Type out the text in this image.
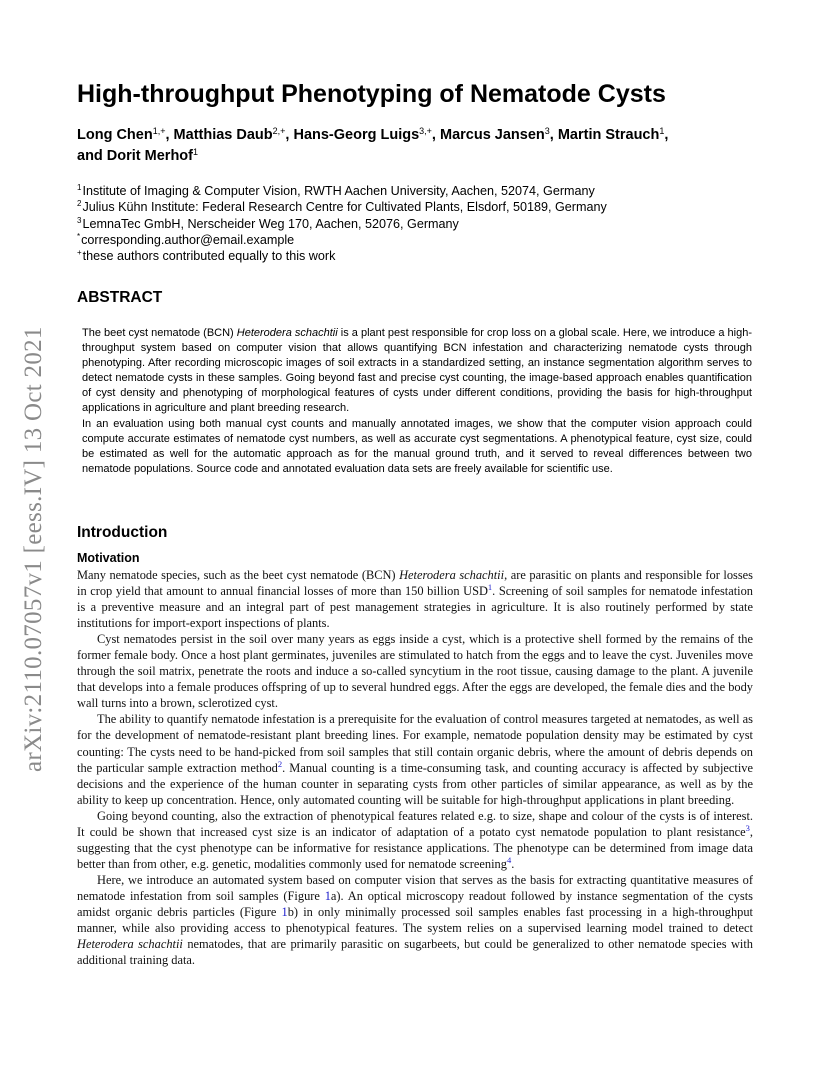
arXiv:2110.07057v1 [eess.IV] 13 Oct 2021
High-throughput Phenotyping of Nematode Cysts
Long Chen$^{1,+}$, Matthias Daub$^{2,+}$, Hans-Georg Luigs$^{3,+}$, Marcus Jansen$^3$, Martin Strauch$^1$,
and Dorit Merhof$^1$
$^1$Institute of Imaging & Computer Vision, RWTH Aachen University, Aachen, 52074, Germany
$^2$Julius Kühn Institute: Federal Research Centre for Cultivated Plants, Elsdorf, 50189, Germany
$^3$LemnaTec GmbH, Nerscheider Weg 170, Aachen, 52076, Germany
*corresponding.author@email.example
+these authors contributed equally to this work
ABSTRACT

The beet cyst nematode (BCN) Heterodera schachtii is a plant pest responsible for crop loss on a global scale. Here, we introduce a high-throughput system based on computer vision that allows quantifying BCN infestation and characterizing nematode cysts through phenotyping. After recording microscopic images of soil extracts in a standardized setting, an instance segmentation algorithm serves to detect nematode cysts in these samples. Going beyond fast and precise cyst counting, the image-based approach enables quantification of cyst density and phenotyping of morphological features of cysts under different conditions, providing the basis for high-throughput applications in agriculture and plant breeding research.

In an evaluation using both manual cyst counts and manually annotated images, we show that the computer vision approach could compute accurate estimates of nematode cyst numbers, as well as accurate cyst segmentations. A phenotypical feature, cyst size, could be estimated as well for the automatic approach as for the manual ground truth, and it served to reveal differences between two nematode populations. Source code and annotated evaluation data sets are freely available for scientific use.

Introduction
Motivation

Many nematode species, such as the beet cyst nematode (BCN) Heterodera schachtii, are parasitic on plants and responsible for losses in crop yield that amount to annual financial losses of more than 150 billion USD$^1$. Screening of soil samples for nematode infestation is a preventive measure and an integral part of pest management strategies in agriculture. It is also routinely performed by state institutions for import-export inspections of plants.

Cyst nematodes persist in the soil over many years as eggs inside a cyst, which is a protective shell formed by the remains of the former female body. Once a host plant germinates, juveniles are stimulated to hatch from the eggs and to leave the cyst. Juveniles move through the soil matrix, penetrate the roots and induce a so-called syncytium in the root tissue, causing damage to the plant. A juvenile that develops into a female produces offspring of up to several hundred eggs. After the eggs are developed, the female dies and the body wall turns into a brown, sclerotized cyst.

The ability to quantify nematode infestation is a prerequisite for the evaluation of control measures targeted at nematodes, as well as for the development of nematode-resistant plant breeding lines. For example, nematode population density may be estimated by cyst counting: The cysts need to be hand-picked from soil samples that still contain organic debris, where the amount of debris depends on the particular sample extraction method$^2$. Manual counting is a time-consuming task, and counting accuracy is affected by subjective decisions and the experience of the human counter in separating cysts from other particles of similar appearance, as well as by the ability to keep up concentration. Hence, only automated counting will be suitable for high-throughput applications in plant breeding.

Going beyond counting, also the extraction of phenotypical features related e.g. to size, shape and colour of the cysts is of interest. It could be shown that increased cyst size is an indicator of adaptation of a potato cyst nematode population to plant resistance$^3$, suggesting that the cyst phenotype can be informative for resistance applications. The phenotype can be determined from image data better than from other, e.g. genetic, modalities commonly used for nematode screening$^4$.

Here, we introduce an automated system based on computer vision that serves as the basis for extracting quantitative measures of nematode infestation from soil samples (Figure 1a). An optical microscopy readout followed by instance segmentation of the cysts amidst organic debris particles (Figure 1b) in only minimally processed soil samples enables fast processing in a high-throughput manner, while also providing access to phenotypical features. The system relies on a supervised learning model trained to detect Heterodera schachtii nematodes, that are primarily parasitic on sugarbeets, but could be generalized to other nematode species with additional training data.
